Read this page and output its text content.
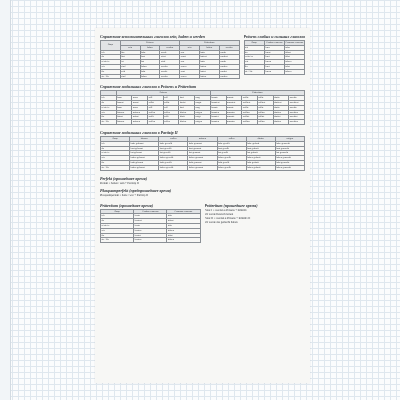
Спряжение вспомогательных глаголов sein, haben и werden
Лицо	Präsens			Präteritum		
	sein	haben	werden	sein	haben	werden
ich	bin	habe	werde	war	hatte	wurde
du	bist	hast	wirst	warst	hattest	wurdest
er/sie/es	ist	hat	wird	war	hatte	wurde
wir	sind	haben	werden	waren	hatten	wurden
ihr	seid	habt	werdet	wart	hattet	wurdet
sie / Sie	sind	haben	werden	waren	hatten	wurden
Präsens слабых и сильных глаголов
Лицо	Слабые глаголы	Сильные глаголы
ich	lerne	fahre
du	lernst	fährst
er/sie/es	lernt	fährt
wir	lernen	fahren
ihr	lernt	fahrt
sie / Sie	lernen	fahren
Спряжение модальных глаголов в Präsens и Präteritum
	Präsens						Präteritum					
ich	kann	muss	will	soll	darf	mag	konnte	musste	wollte	sollte	durfte	mochte
du	kannst	musst	willst	sollst	darfst	magst	konntest	musstest	wolltest	solltest	durftest	mochtest
er/sie/es	kann	muss	will	soll	darf	mag	konnte	musste	wollte	sollte	durfte	mochte
wir	können	müssen	wollen	sollen	dürfen	mögen	konnten	mussten	wollten	sollten	durften	mochten
ihr	könnt	müsst	wollt	sollt	dürft	mögt	konntet	musstet	wolltet	solltet	durftet	mochtet
sie / Sie	können	müssen	wollen	sollen	dürfen	mögen	konnten	mussten	wollten	sollten	durften	mochten
Спряжение модальных глаголов в Partizip II
Лицо	können	wollen	müssen	sollen	dürfen	mögen
ich	habe gekonnt	habe gewollt	habe gemusst	habe gesollt	habe gedurft	habe gemocht
du	hast gekonnt	hast gewollt	hast gemusst	hast gesollt	hast gedurft	hast gemocht
er/sie/es	hat gekonnt	hat gewollt	hat gemusst	hat gesollt	hat gedurft	hat gemocht
wir	haben gekonnt	haben gewollt	haben gemusst	haben gesollt	haben gedurft	haben gemocht
ihr	habt gekonnt	habt gewollt	habt gemusst	habt gesollt	habt gedurft	habt gemocht
sie / Sie	haben gekonnt	haben gewollt	haben gemusst	haben gesollt	haben gedurft	haben gemocht
Perfekt (прошедшее время)
Perfekt = haben / sein + Partizip II
Plusquamperfekt (предпрошедшее время)
Plusquamperfekt = hatte / war + Partizip II
Präteritum (прошедшее время)
Лицо	Слабые глаголы	Сильные глаголы
ich	lernte	fuhr
du	lerntest	fuhrst
er/sie/es	lernte	fuhr
wir	lernten	fuhren
ihr	lerntet	fuhrt
sie / Sie	lernten	fuhren
Präteritum (прошедшее время)
Futur I = werden в Präsens + Infinitiv
Ich werde Deutsch lernen
Futur II = werden в Präsens + Infinitiv II
Ich werde das gemacht haben
